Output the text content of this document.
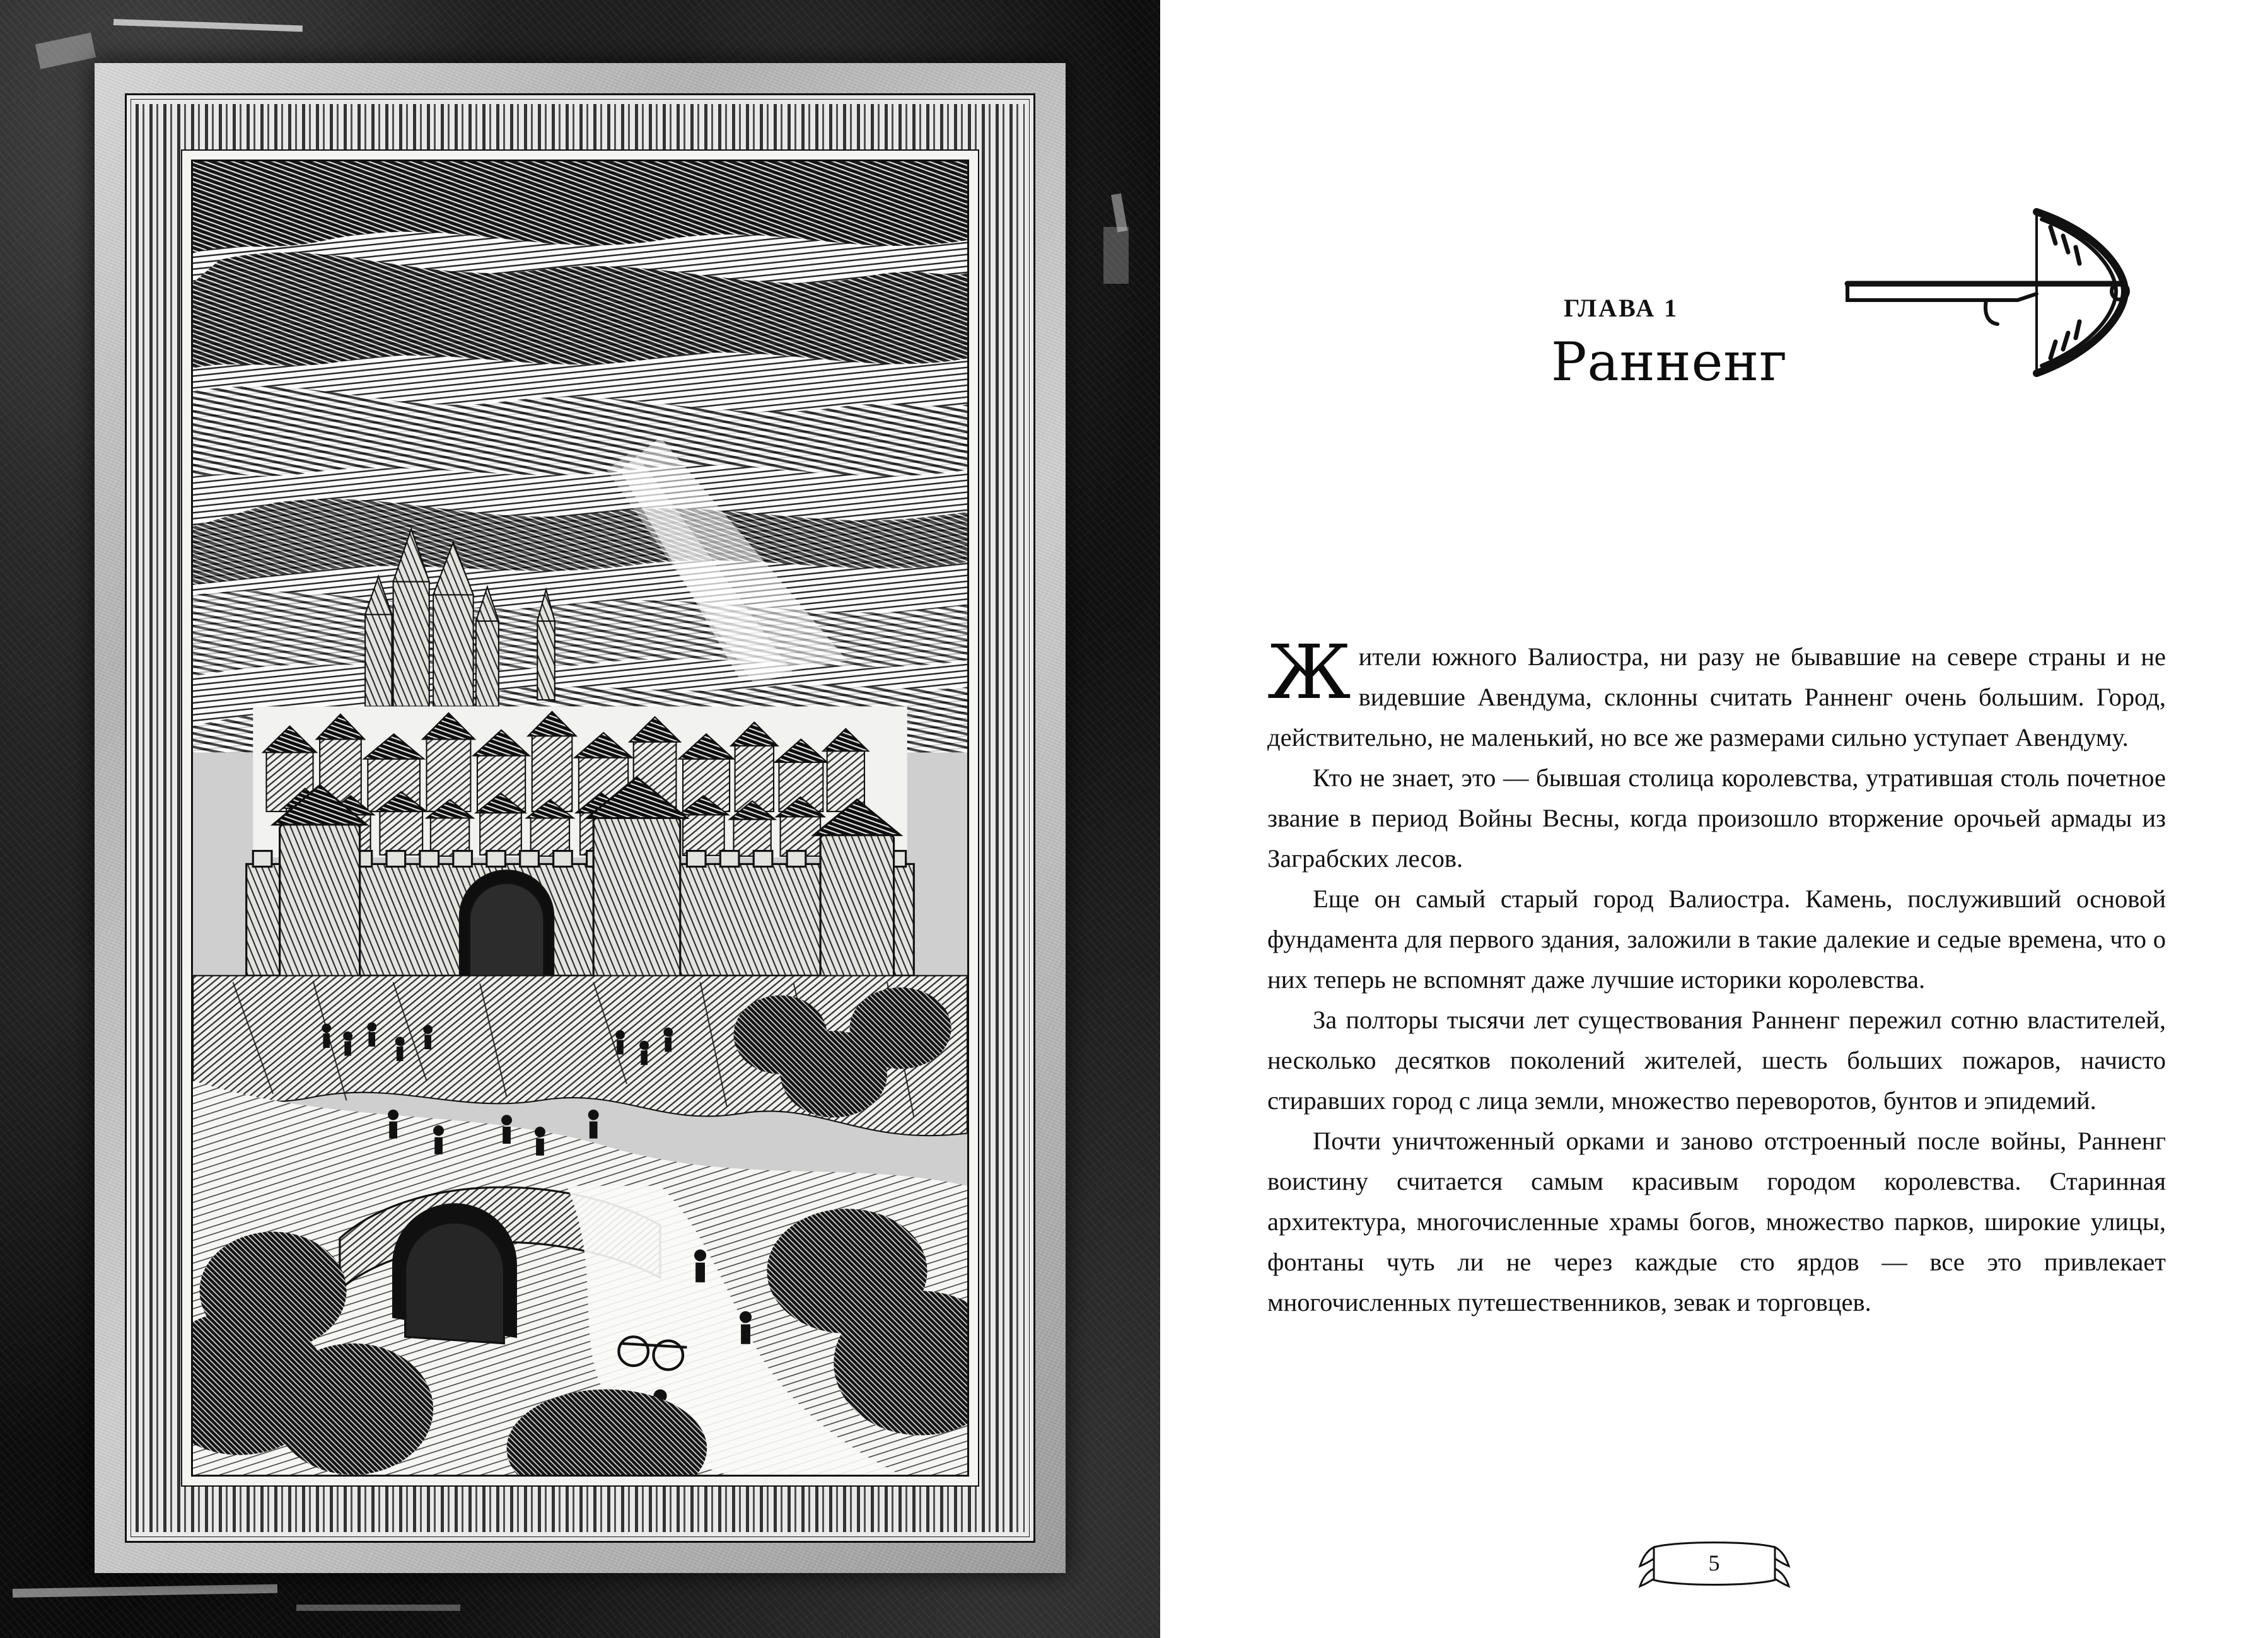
ГЛАВА 1
Ранненг

Жители южного Валиостра, ни разу не бывавшие на севере страны и не видевшие Авендума, склонны считать Ранненг очень большим. Город, действительно, не маленький, но все же размерами сильно уступает Авендуму.

Кто не знает, это — бывшая столица королевства, утратившая столь почетное звание в период Войны Весны, когда произошло вторжение орочьей армады из Заграбских лесов.

Еще он самый старый город Валиостра. Камень, послуживший основой фундамента для первого здания, заложили в такие далекие и седые времена, что о них теперь не вспомнят даже лучшие историки королевства.

За полторы тысячи лет существования Ранненг пережил сотню властителей, несколько десятков поколений жителей, шесть больших пожаров, начисто стиравших город с лица земли, множество переворотов, бунтов и эпидемий.

Почти уничтоженный орками и заново отстроенный после войны, Ранненг воистину считается самым красивым городом королевства. Старинная архитектура, многочисленные храмы богов, множество парков, широкие улицы, фонтаны чуть ли не через каждые сто ярдов — все это привлекает многочисленных путешественников, зевак и торговцев.

5
